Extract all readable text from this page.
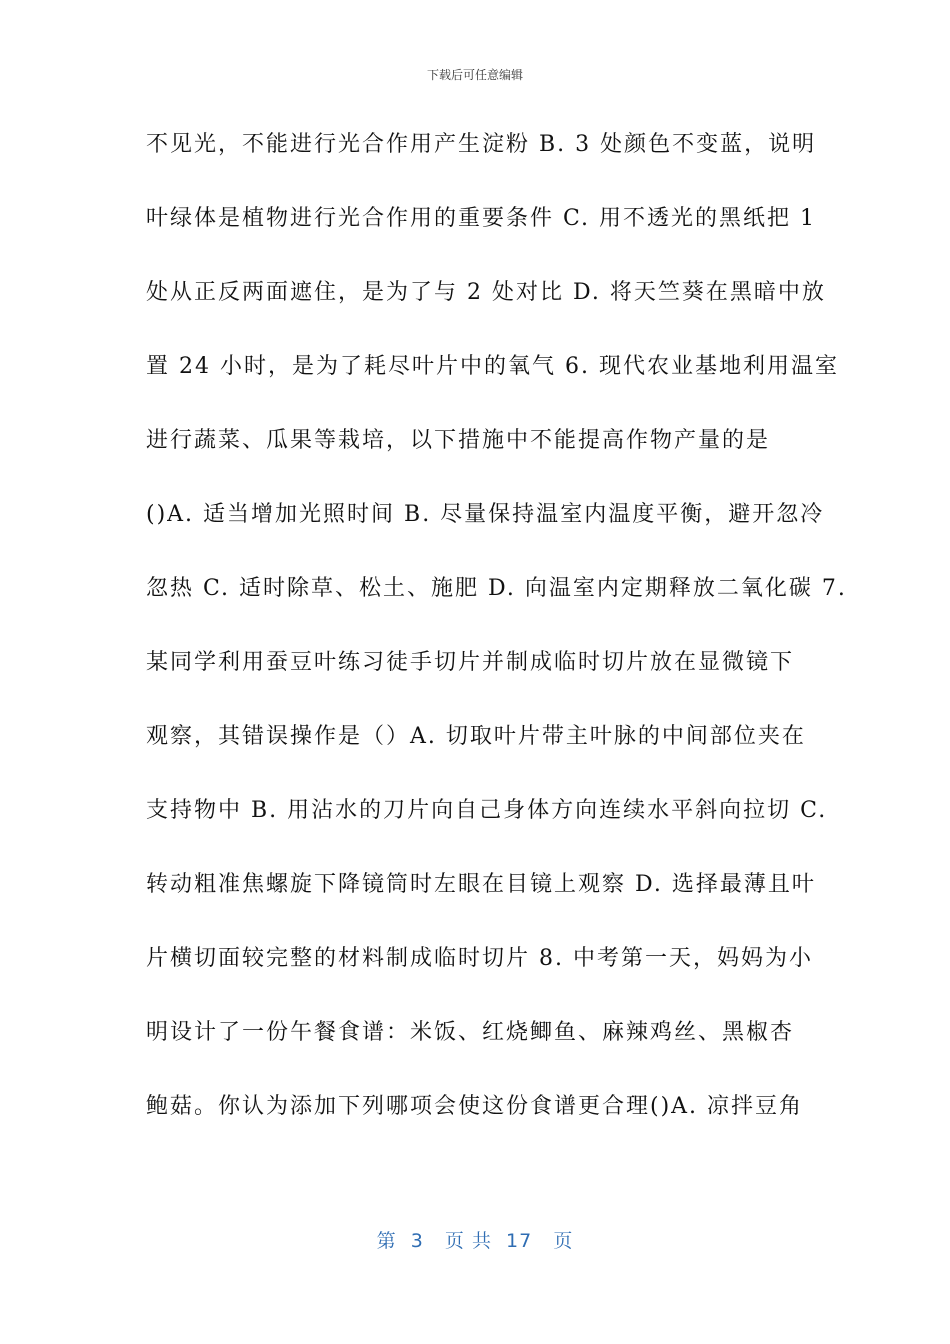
下载后可任意编辑
不见光，不能进行光合作用产生淀粉 B. 3 处颜色不变蓝，说明
叶绿体是植物进行光合作用的重要条件 C. 用不透光的黑纸把 1
处从正反两面遮住，是为了与 2 处对比 D. 将天竺葵在黑暗中放
置 24 小时，是为了耗尽叶片中的氧气 6. 现代农业基地利用温室
进行蔬菜、瓜果等栽培，以下措施中不能提高作物产量的是
()A. 适当增加光照时间 B. 尽量保持温室内温度平衡，避开忽冷
忽热 C. 适时除草、松土、施肥 D. 向温室内定期释放二氧化碳 7.
某同学利用蚕豆叶练习徒手切片并制成临时切片放在显微镜下
观察，其错误操作是（）A. 切取叶片带主叶脉的中间部位夹在
支持物中 B. 用沾水的刀片向自己身体方向连续水平斜向拉切 C.
转动粗准焦螺旋下降镜筒时左眼在目镜上观察 D. 选择最薄且叶
片横切面较完整的材料制成临时切片 8. 中考第一天，妈妈为小
明设计了一份午餐食谱：米饭、红烧鲫鱼、麻辣鸡丝、黑椒杏
鲍菇。你认为添加下列哪项会使这份食谱更合理()A. 凉拌豆角
第  3   页 共  17   页
